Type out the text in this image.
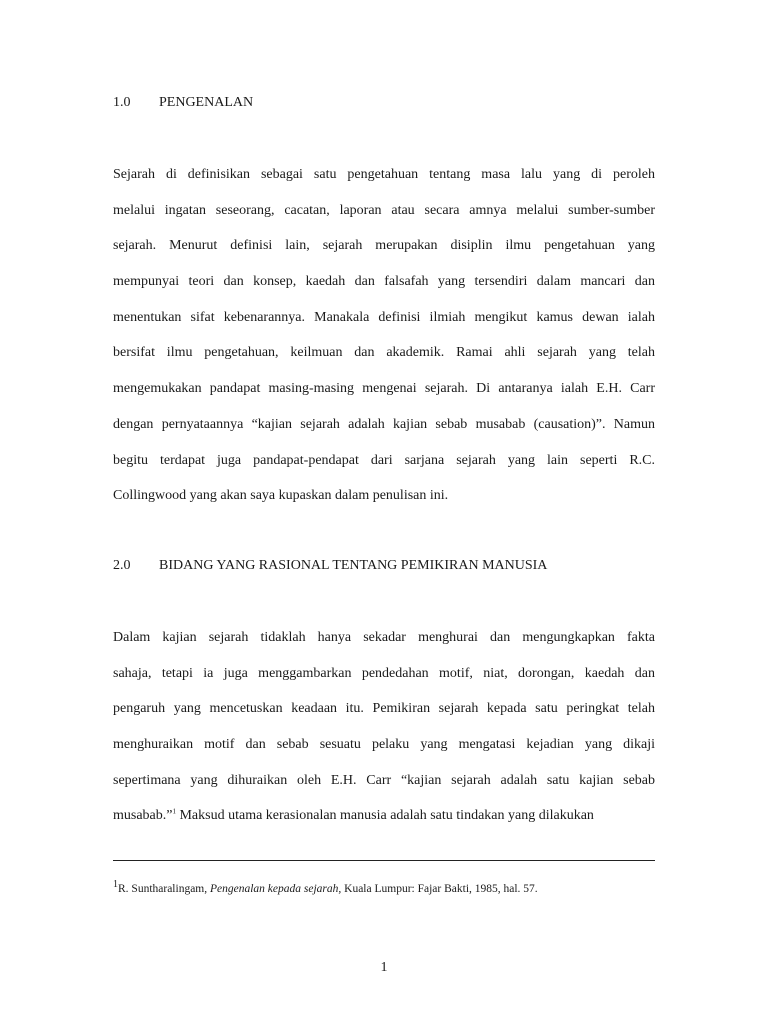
1.0 PENGENALAN
Sejarah di definisikan sebagai satu pengetahuan tentang masa lalu yang di peroleh
melalui ingatan seseorang, cacatan, laporan atau secara amnya melalui sumber-sumber
sejarah. Menurut definisi lain, sejarah merupakan disiplin ilmu pengetahuan yang
mempunyai teori dan konsep, kaedah dan falsafah yang tersendiri dalam mancari dan
menentukan sifat kebenarannya. Manakala definisi ilmiah mengikut kamus dewan ialah
bersifat ilmu pengetahuan, keilmuan dan akademik. Ramai ahli sejarah yang telah
mengemukakan pandapat masing-masing mengenai sejarah. Di antaranya ialah E.H. Carr
dengan pernyataannya “kajian sejarah adalah kajian sebab musabab (causation)”. Namun
begitu terdapat juga pandapat-pendapat dari sarjana sejarah yang lain seperti R.C.
Collingwood yang akan saya kupaskan dalam penulisan ini.
2.0 BIDANG YANG RASIONAL TENTANG PEMIKIRAN MANUSIA
Dalam kajian sejarah tidaklah hanya sekadar menghurai dan mengungkapkan fakta
sahaja, tetapi ia juga menggambarkan pendedahan motif, niat, dorongan, kaedah dan
pengaruh yang mencetuskan keadaan itu. Pemikiran sejarah kepada satu peringkat telah
menghuraikan motif dan sebab sesuatu pelaku yang mengatasi kejadian yang dikaji
sepertimana yang dihuraikan oleh E.H. Carr “kajian sejarah adalah satu kajian sebab
musabab.”$^1$ Maksud utama kerasionalan manusia adalah satu tindakan yang dilakukan
1R. Suntharalingam, Pengenalan kepada sejarah, Kuala Lumpur: Fajar Bakti, 1985, hal. 57.
1
